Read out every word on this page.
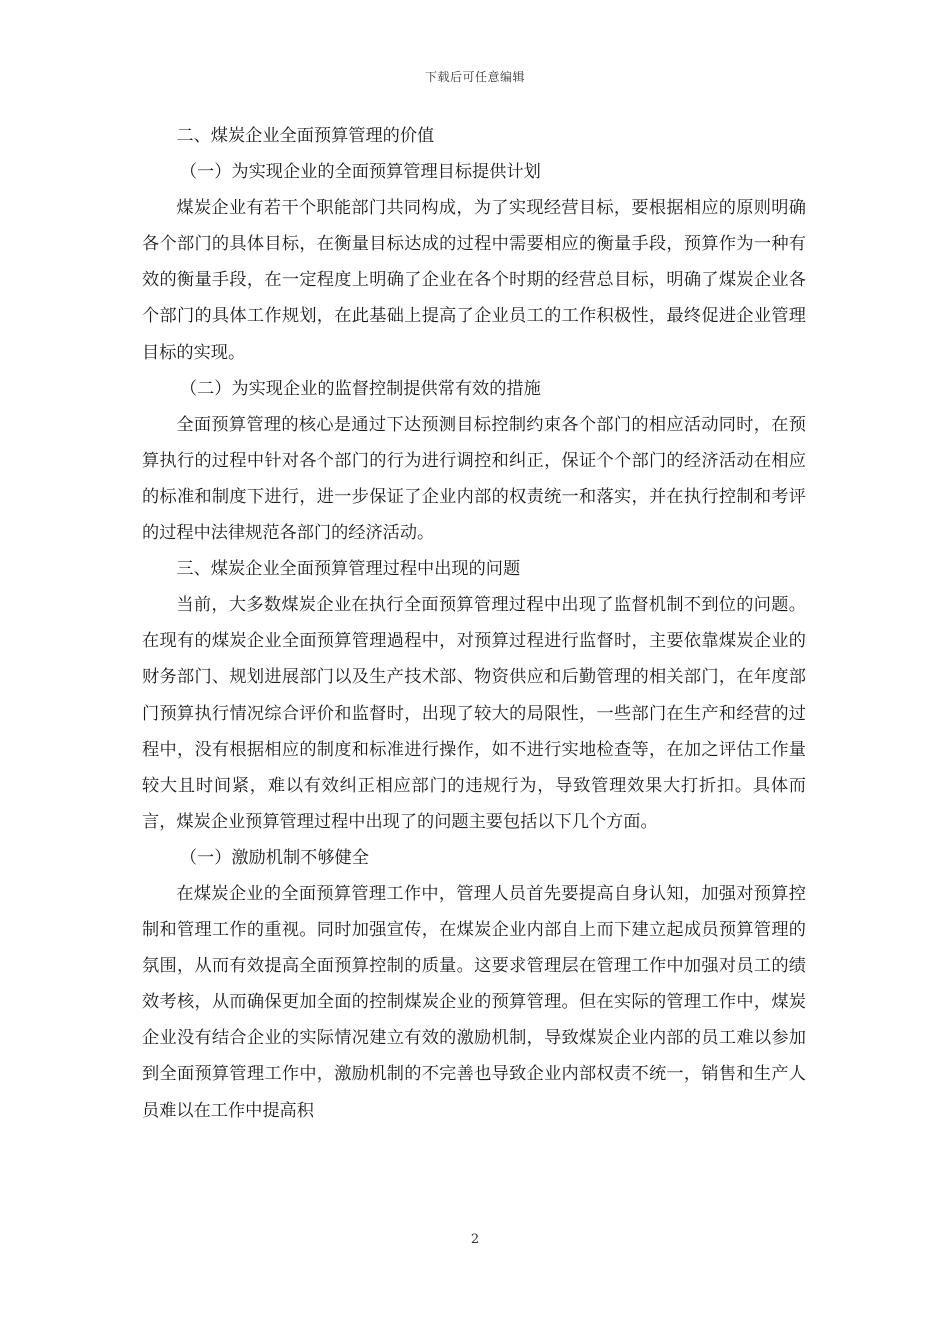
下载后可任意编辑

二、煤炭企业全面预算管理的价值

（一）为实现企业的全面预算管理目标提供计划

煤炭企业有若干个职能部门共同构成，为了实现经营目标，要根据相应的原则明确各个部门的具体目标，在衡量目标达成的过程中需要相应的衡量手段，预算作为一种有效的衡量手段，在一定程度上明确了企业在各个时期的经营总目标，明确了煤炭企业各个部门的具体工作规划，在此基础上提高了企业员工的工作积极性，最终促进企业管理目标的实现。

（二）为实现企业的监督控制提供常有效的措施

全面预算管理的核心是通过下达预测目标控制约束各个部门的相应活动同时，在预算执行的过程中针对各个部门的行为进行调控和纠正，保证个个部门的经济活动在相应的标准和制度下进行，进一步保证了企业内部的权责统一和落实，并在执行控制和考评的过程中法律规范各部门的经济活动。

三、煤炭企业全面预算管理过程中出现的问题

当前，大多数煤炭企业在执行全面预算管理过程中出现了监督机制不到位的问题。在现有的煤炭企业全面预算管理過程中，对预算过程进行监督时，主要依靠煤炭企业的财务部门、规划进展部门以及生产技术部、物资供应和后勤管理的相关部门，在年度部门预算执行情况综合评价和监督时，出现了较大的局限性，一些部门在生产和经营的过程中，没有根据相应的制度和标准进行操作，如不进行实地检查等，在加之评估工作量较大且时间紧，难以有效纠正相应部门的违规行为，导致管理效果大打折扣。具体而言，煤炭企业预算管理过程中出现了的问题主要包括以下几个方面。

（一）激励机制不够健全

在煤炭企业的全面预算管理工作中，管理人员首先要提高自身认知，加强对预算控制和管理工作的重视。同时加强宣传，在煤炭企业内部自上而下建立起成员预算管理的氛围，从而有效提高全面预算控制的质量。这要求管理层在管理工作中加强对员工的绩效考核，从而确保更加全面的控制煤炭企业的预算管理。但在实际的管理工作中，煤炭企业没有结合企业的实际情况建立有效的激励机制，导致煤炭企业内部的员工难以参加到全面预算管理工作中，激励机制的不完善也导致企业内部权责不统一，销售和生产人员难以在工作中提高积

2
